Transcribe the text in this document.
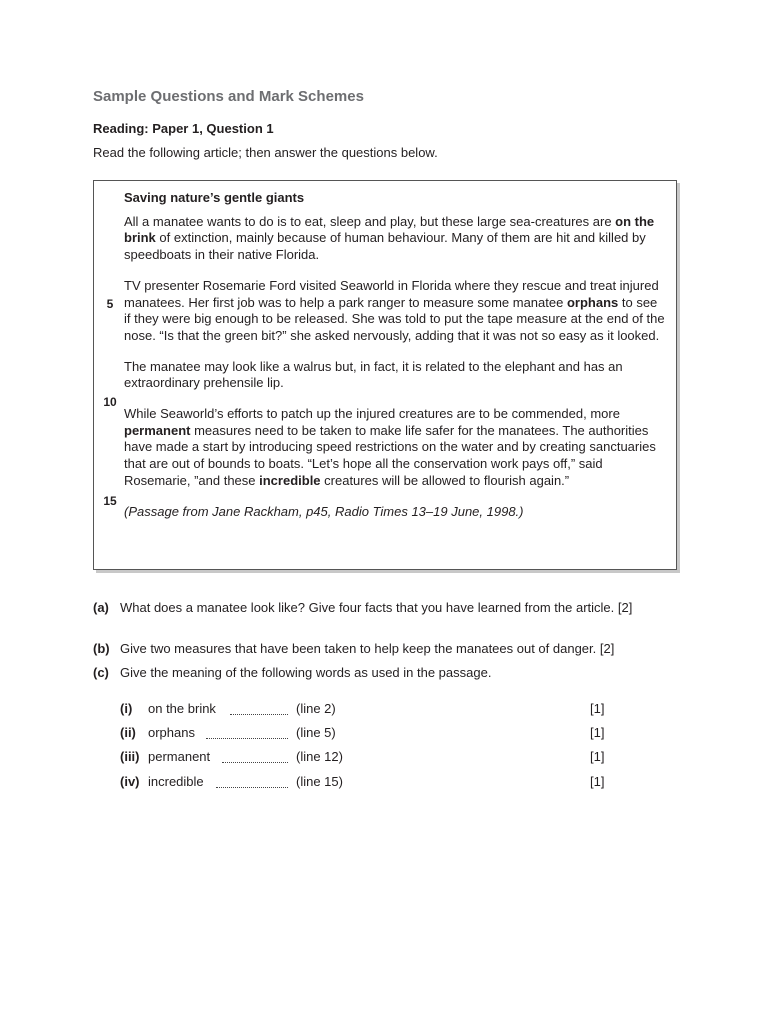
Sample Questions and Mark Schemes
Reading: Paper 1, Question 1
Read the following article; then answer the questions below.

Saving nature’s gentle giants

All a manatee wants to do is to eat, sleep and play, but these large sea-creatures are on the brink of extinction, mainly because of human behaviour. Many of them are hit and killed by speedboats in their native Florida.

TV presenter Rosemarie Ford visited Seaworld in Florida where they rescue and treat injured manatees. Her first job was to help a park ranger to measure some manatee orphans to see if they were big enough to be released. She was told to put the tape measure at the end of the nose. “Is that the green bit?” she asked nervously, adding that it was not so easy as it looked.

The manatee may look like a walrus but, in fact, it is related to the elephant and has an extraordinary prehensile lip.

While Seaworld’s efforts to patch up the injured creatures are to be commended, more permanent measures need to be taken to make life safer for the manatees. The authorities have made a start by introducing speed restrictions on the water and by creating sanctuaries that are out of bounds to boats. “Let’s hope all the conservation work pays off,” said Rosemarie, ”and these incredible creatures will be allowed to flourish again.”

(Passage from Jane Rackham, p45, Radio Times 13–19 June, 1998.)

5
10
15
(a) What does a manatee look like? Give four facts that you have learned from the article. [2]
(b) Give two measures that have been taken to help keep the manatees out of danger. [2]
(c) Give the meaning of the following words as used in the passage.
(i) on the brink	(line 2)	[1]
(ii) orphans	(line 5)	[1]
(iii) permanent	(line 12)	[1]
(iv) incredible	(line 15)	[1]
